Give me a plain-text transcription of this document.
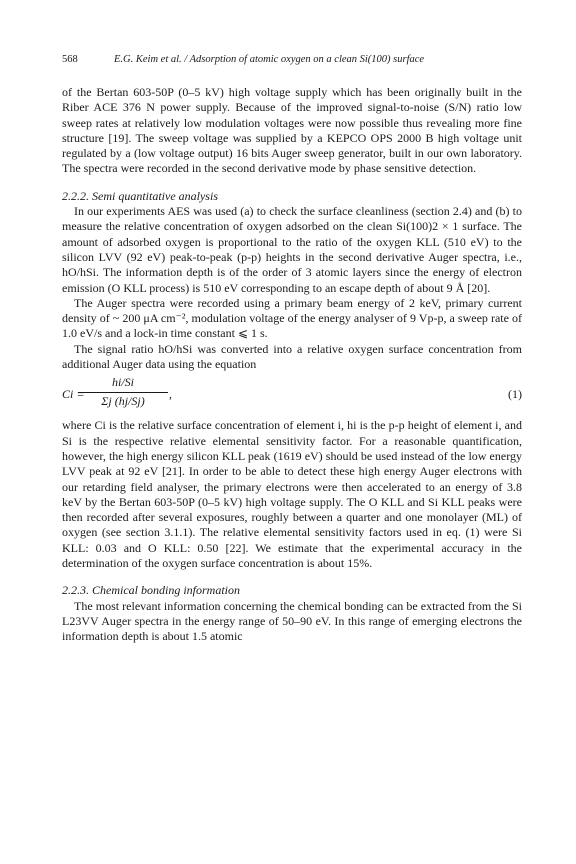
568	E.G. Keim et al. / Adsorption of atomic oxygen on a clean Si(100) surface

of the Bertan 603-50P (0–5 kV) high voltage supply which has been originally built in the Riber ACE 376 N power supply. Because of the improved signal-to-noise (S/N) ratio low sweep rates at relatively low modulation voltages were now possible thus revealing more fine structure [19]. The sweep voltage was supplied by a KEPCO OPS 2000 B high voltage unit regulated by a (low voltage output) 16 bits Auger sweep generator, built in our own laboratory. The spectra were recorded in the second derivative mode by phase sensitive detection.

2.2.2. Semi quantitative analysis

In our experiments AES was used (a) to check the surface cleanliness (section 2.4) and (b) to measure the relative concentration of oxygen adsorbed on the clean Si(100)2 × 1 surface. The amount of adsorbed oxygen is proportional to the ratio of the oxygen KLL (510 eV) to the silicon LVV (92 eV) peak-to-peak (p-p) heights in the second derivative Auger spectra, i.e., hO/hSi. The information depth is of the order of 3 atomic layers since the energy of electron emission (O KLL process) is 510 eV corresponding to an escape depth of about 9 Å [20].

The Auger spectra were recorded using a primary beam energy of 2 keV, primary current density of ~ 200 μA cm⁻², modulation voltage of the energy analyser of 9 Vp-p, a sweep rate of 1.0 eV/s and a lock-in time constant ⩽ 1 s.

The signal ratio hO/hSi was converted into a relative oxygen surface concentration from additional Auger data using the equation

Ci =
$\frac{hi/Si}{\Sigma j (hj/Sj)}$ ,	(1)

where Ci is the relative surface concentration of element i, hi is the p-p height of element i, and Si is the respective relative elemental sensitivity factor. For a reasonable quantification, however, the high energy silicon KLL peak (1619 eV) should be used instead of the low energy LVV peak at 92 eV [21]. In order to be able to detect these high energy Auger electrons with our retarding field analyser, the primary electrons were then accelerated to an energy of 3.8 keV by the Bertan 603-50P (0–5 kV) high voltage supply. The O KLL and Si KLL peaks were then recorded after several exposures, roughly between a quarter and one monolayer (ML) of oxygen (see section 3.1.1). The relative elemental sensitivity factors used in eq. (1) were Si KLL: 0.03 and O KLL: 0.50 [22]. We estimate that the experimental accuracy in the determination of the oxygen surface concentration is about 15%.

2.2.3. Chemical bonding information

The most relevant information concerning the chemical bonding can be extracted from the Si L23VV Auger spectra in the energy range of 50–90 eV. In this range of emerging electrons the information depth is about 1.5 atomic
